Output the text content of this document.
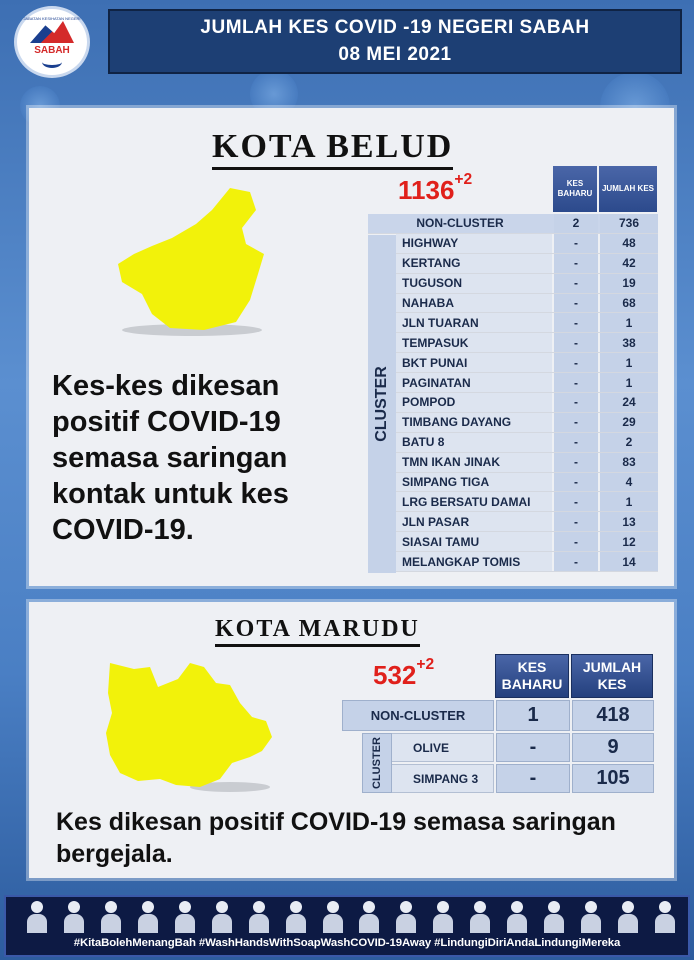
JABATAN KESIHATAN NEGERI
SABAH
JUMLAH KES COVID -19 NEGERI SABAH
08 MEI 2021
KOTA BELUD
$1136^{+2}$	KES BAHARU
JUMLAH KES
NON-CLUSTER	2	736
HIGHWAY	-	48
KERTANG	-	42
TUGUSON	-	19
NAHABA	-	68
JLN TUARAN	-	1
TEMPASUK	-	38
BKT PUNAI	-	1
PAGINATAN	-	1
POMPOD	-	24
TIMBANG DAYANG	-	29
BATU 8	-	2
TMN IKAN JINAK	-	83
SIMPANG TIGA	-	4
LRG BERSATU DAMAI	-	1
JLN PASAR	-	13
SIASAI TAMU	-	12
MELANGKAP TOMIS	-	14
CLUSTER
Kes-kes dikesan positif COVID-19 semasa saringan kontak untuk kes COVID-19.
KOTA MARUDU
$532^{+2}$	KES BAHARU
JUMLAH KES
NON-CLUSTER	1	418
OLIVE	-	9
SIMPANG 3	-	105
CLUSTER
Kes dikesan positif COVID-19 semasa saringan bergejala.
#KitaBolehMenangBah #WashHandsWithSoapWashCOVID-19Away #LindungiDiriAndaLindungiMereka
